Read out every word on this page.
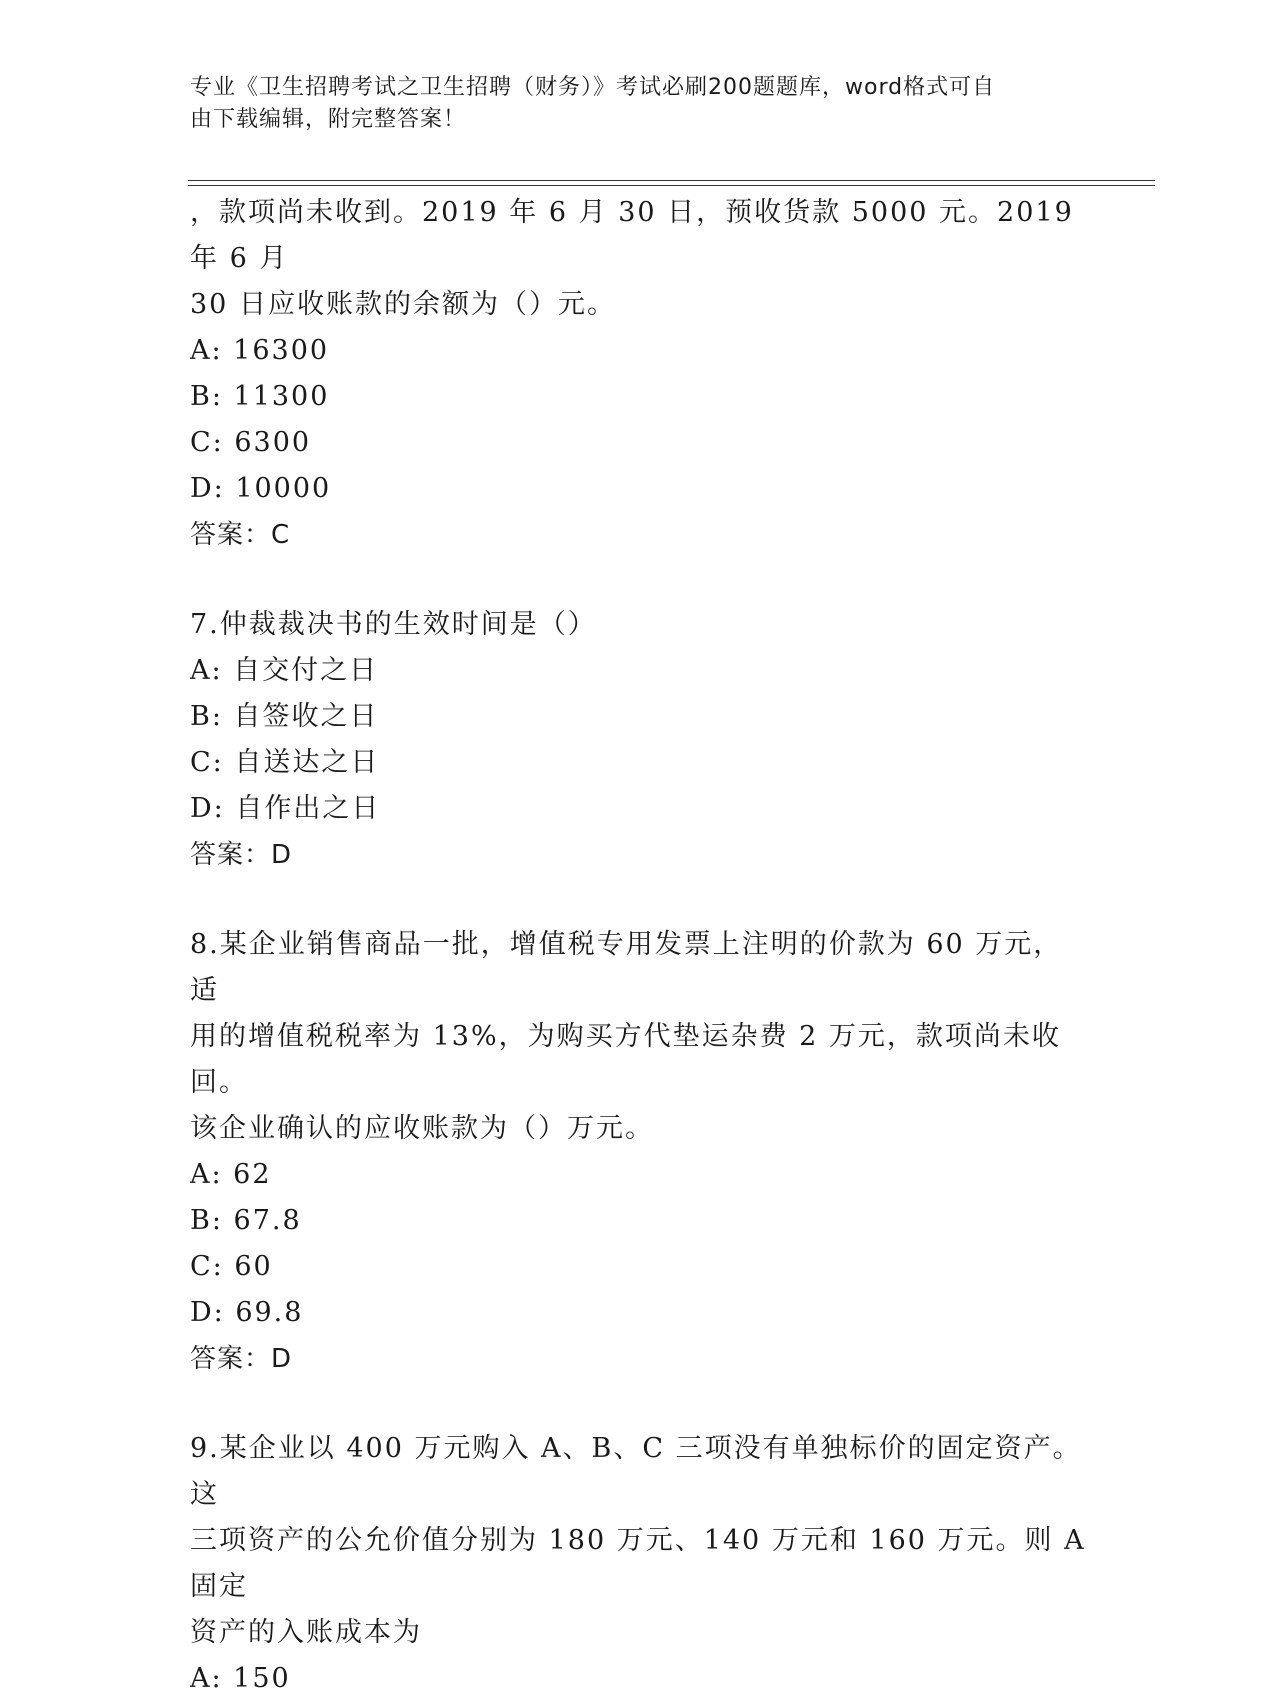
专业《卫生招聘考试之卫生招聘（财务）》考试必刷200题题库，word格式可自
由下载编辑，附完整答案！
，款项尚未收到。2019 年 6 月 30 日，预收货款 5000 元。2019 年 6 月
30 日应收账款的余额为（）元。
A: 16300
B: 11300
C: 6300
D: 10000
答案：C
7.仲裁裁决书的生效时间是（）
A: 自交付之日
B: 自签收之日
C: 自送达之日
D: 自作出之日
答案：D
8.某企业销售商品一批，增值税专用发票上注明的价款为 60 万元，适
用的增值税税率为 13%，为购买方代垫运杂费 2 万元，款项尚未收回。
该企业确认的应收账款为（）万元。
A: 62
B: 67.8
C: 60
D: 69.8
答案：D
9.某企业以 400 万元购入 A、B、C 三项没有单独标价的固定资产。这
三项资产的公允价值分别为 180 万元、140 万元和 160 万元。则 A 固定
资产的入账成本为
A: 150
